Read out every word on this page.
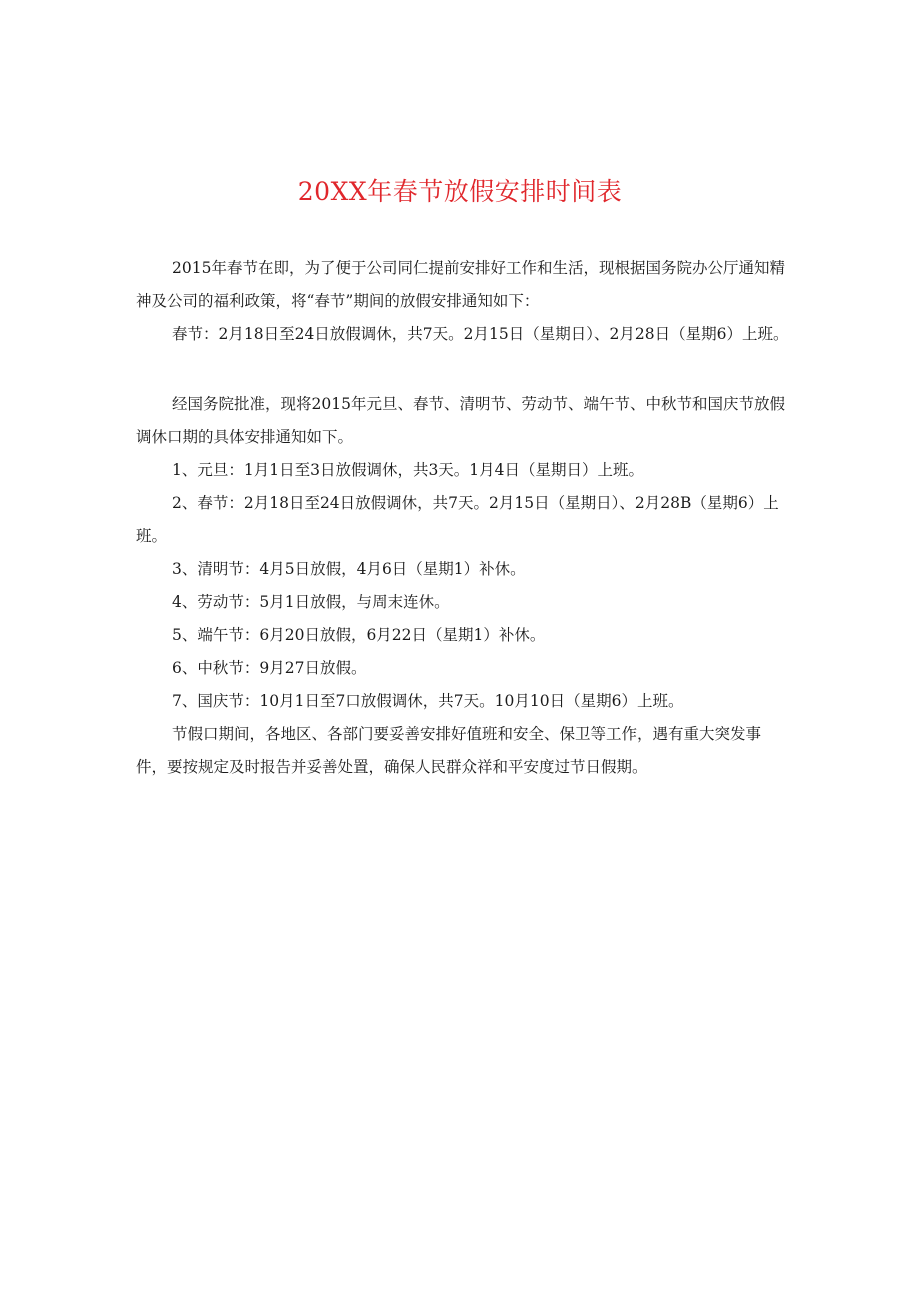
20XX年春节放假安排时间表

2015年春节在即，为了便于公司同仁提前安排好工作和生活，现根据国务院办公厅通知精神及公司的福利政策，将“春节”期间的放假安排通知如下：

春节：2月18日至24日放假调休，共7天。2月15日（星期日）、2月28日（星期6）上班。

经国务院批准，现将2015年元旦、春节、清明节、劳动节、端午节、中秋节和国庆节放假调休口期的具体安排通知如下。

1、元旦：1月1日至3日放假调休，共3天。1月4日（星期日）上班。

2、春节：2月18日至24日放假调休，共7天。2月15日（星期日）、2月28B（星期6）上班。

3、清明节：4月5日放假，4月6日（星期1）补休。

4、劳动节：5月1日放假，与周末连休。

5、端午节：6月20日放假，6月22日（星期1）补休。

6、中秋节：9月27日放假。

7、国庆节：10月1日至7口放假调休，共7天。10月10日（星期6）上班。

节假口期间，各地区、各部门要妥善安排好值班和安全、保卫等工作，遇有重大突发事件，要按规定及时报告并妥善处置，确保人民群众祥和平安度过节日假期。
